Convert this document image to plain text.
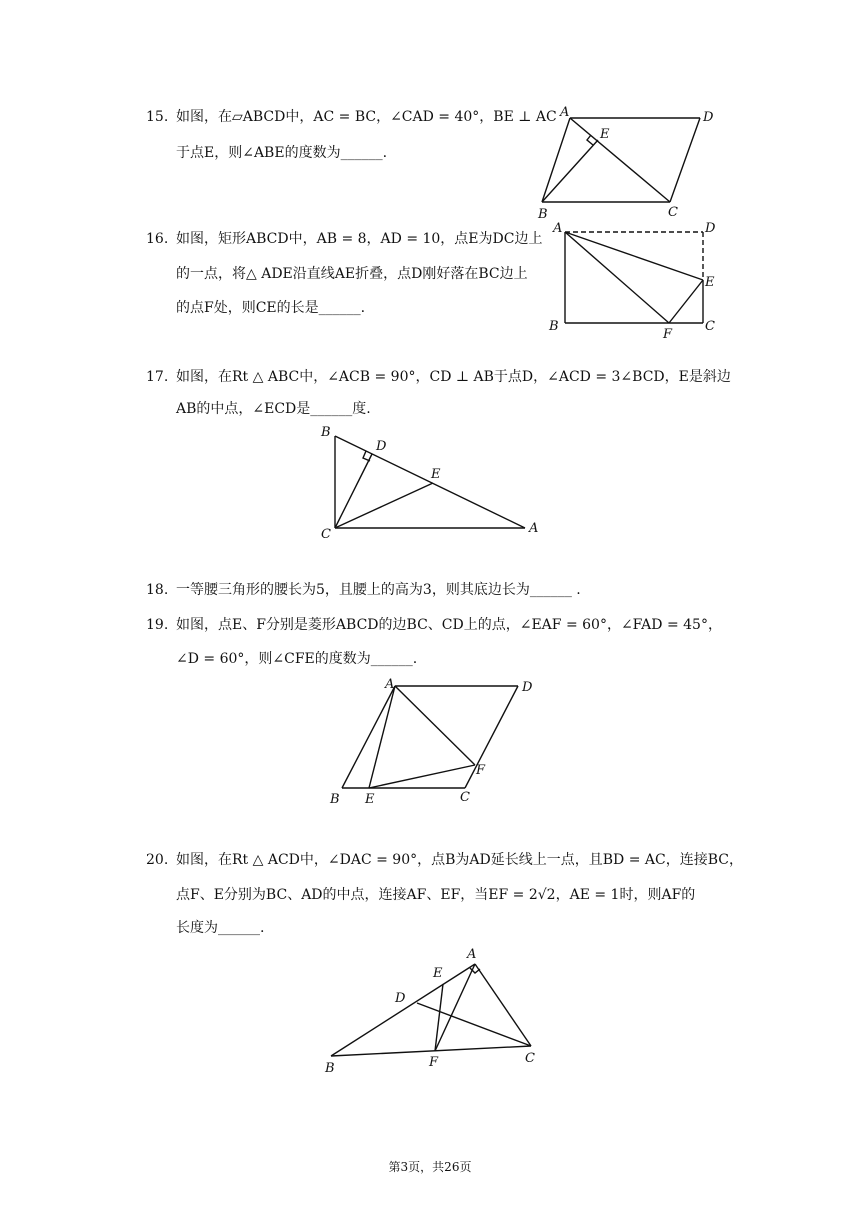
15. 如图，在▱ABCD中，AC = BC，∠CAD = 40°，BE ⊥ AC
于点E，则∠ABE的度数为______.
A	D
E
B	C
16. 如图，矩形ABCD中，AB = 8，AD = 10，点E为DC边上
的一点，将△ ADE沿直线AE折叠，点D刚好落在BC边上
的点F处，则CE的长是______.
A	D
E
B
F
C
17. 如图，在Rt △ ABC中，∠ACB = 90°，CD ⊥ AB于点D，∠ACD = 3∠BCD，E是斜边
AB的中点，∠ECD是______度.
B
D
E
C	A
18. 一等腰三角形的腰长为5，且腰上的高为3，则其底边长为______ .
19. 如图，点E、F分别是菱形ABCD的边BC、CD上的点，∠EAF = 60°，∠FAD = 45°，
∠D = 60°，则∠CFE的度数为______.
A	D
F
B E	C
20. 如图，在Rt △ ACD中，∠DAC = 90°，点B为AD延长线上一点，且BD = AC，连接BC，
点F、E分别为BC、AD的中点，连接AF、EF，当EF = 2√2，AE = 1时，则AF的
长度为______.
A
E
D
B	F	C
第3页，共26页
